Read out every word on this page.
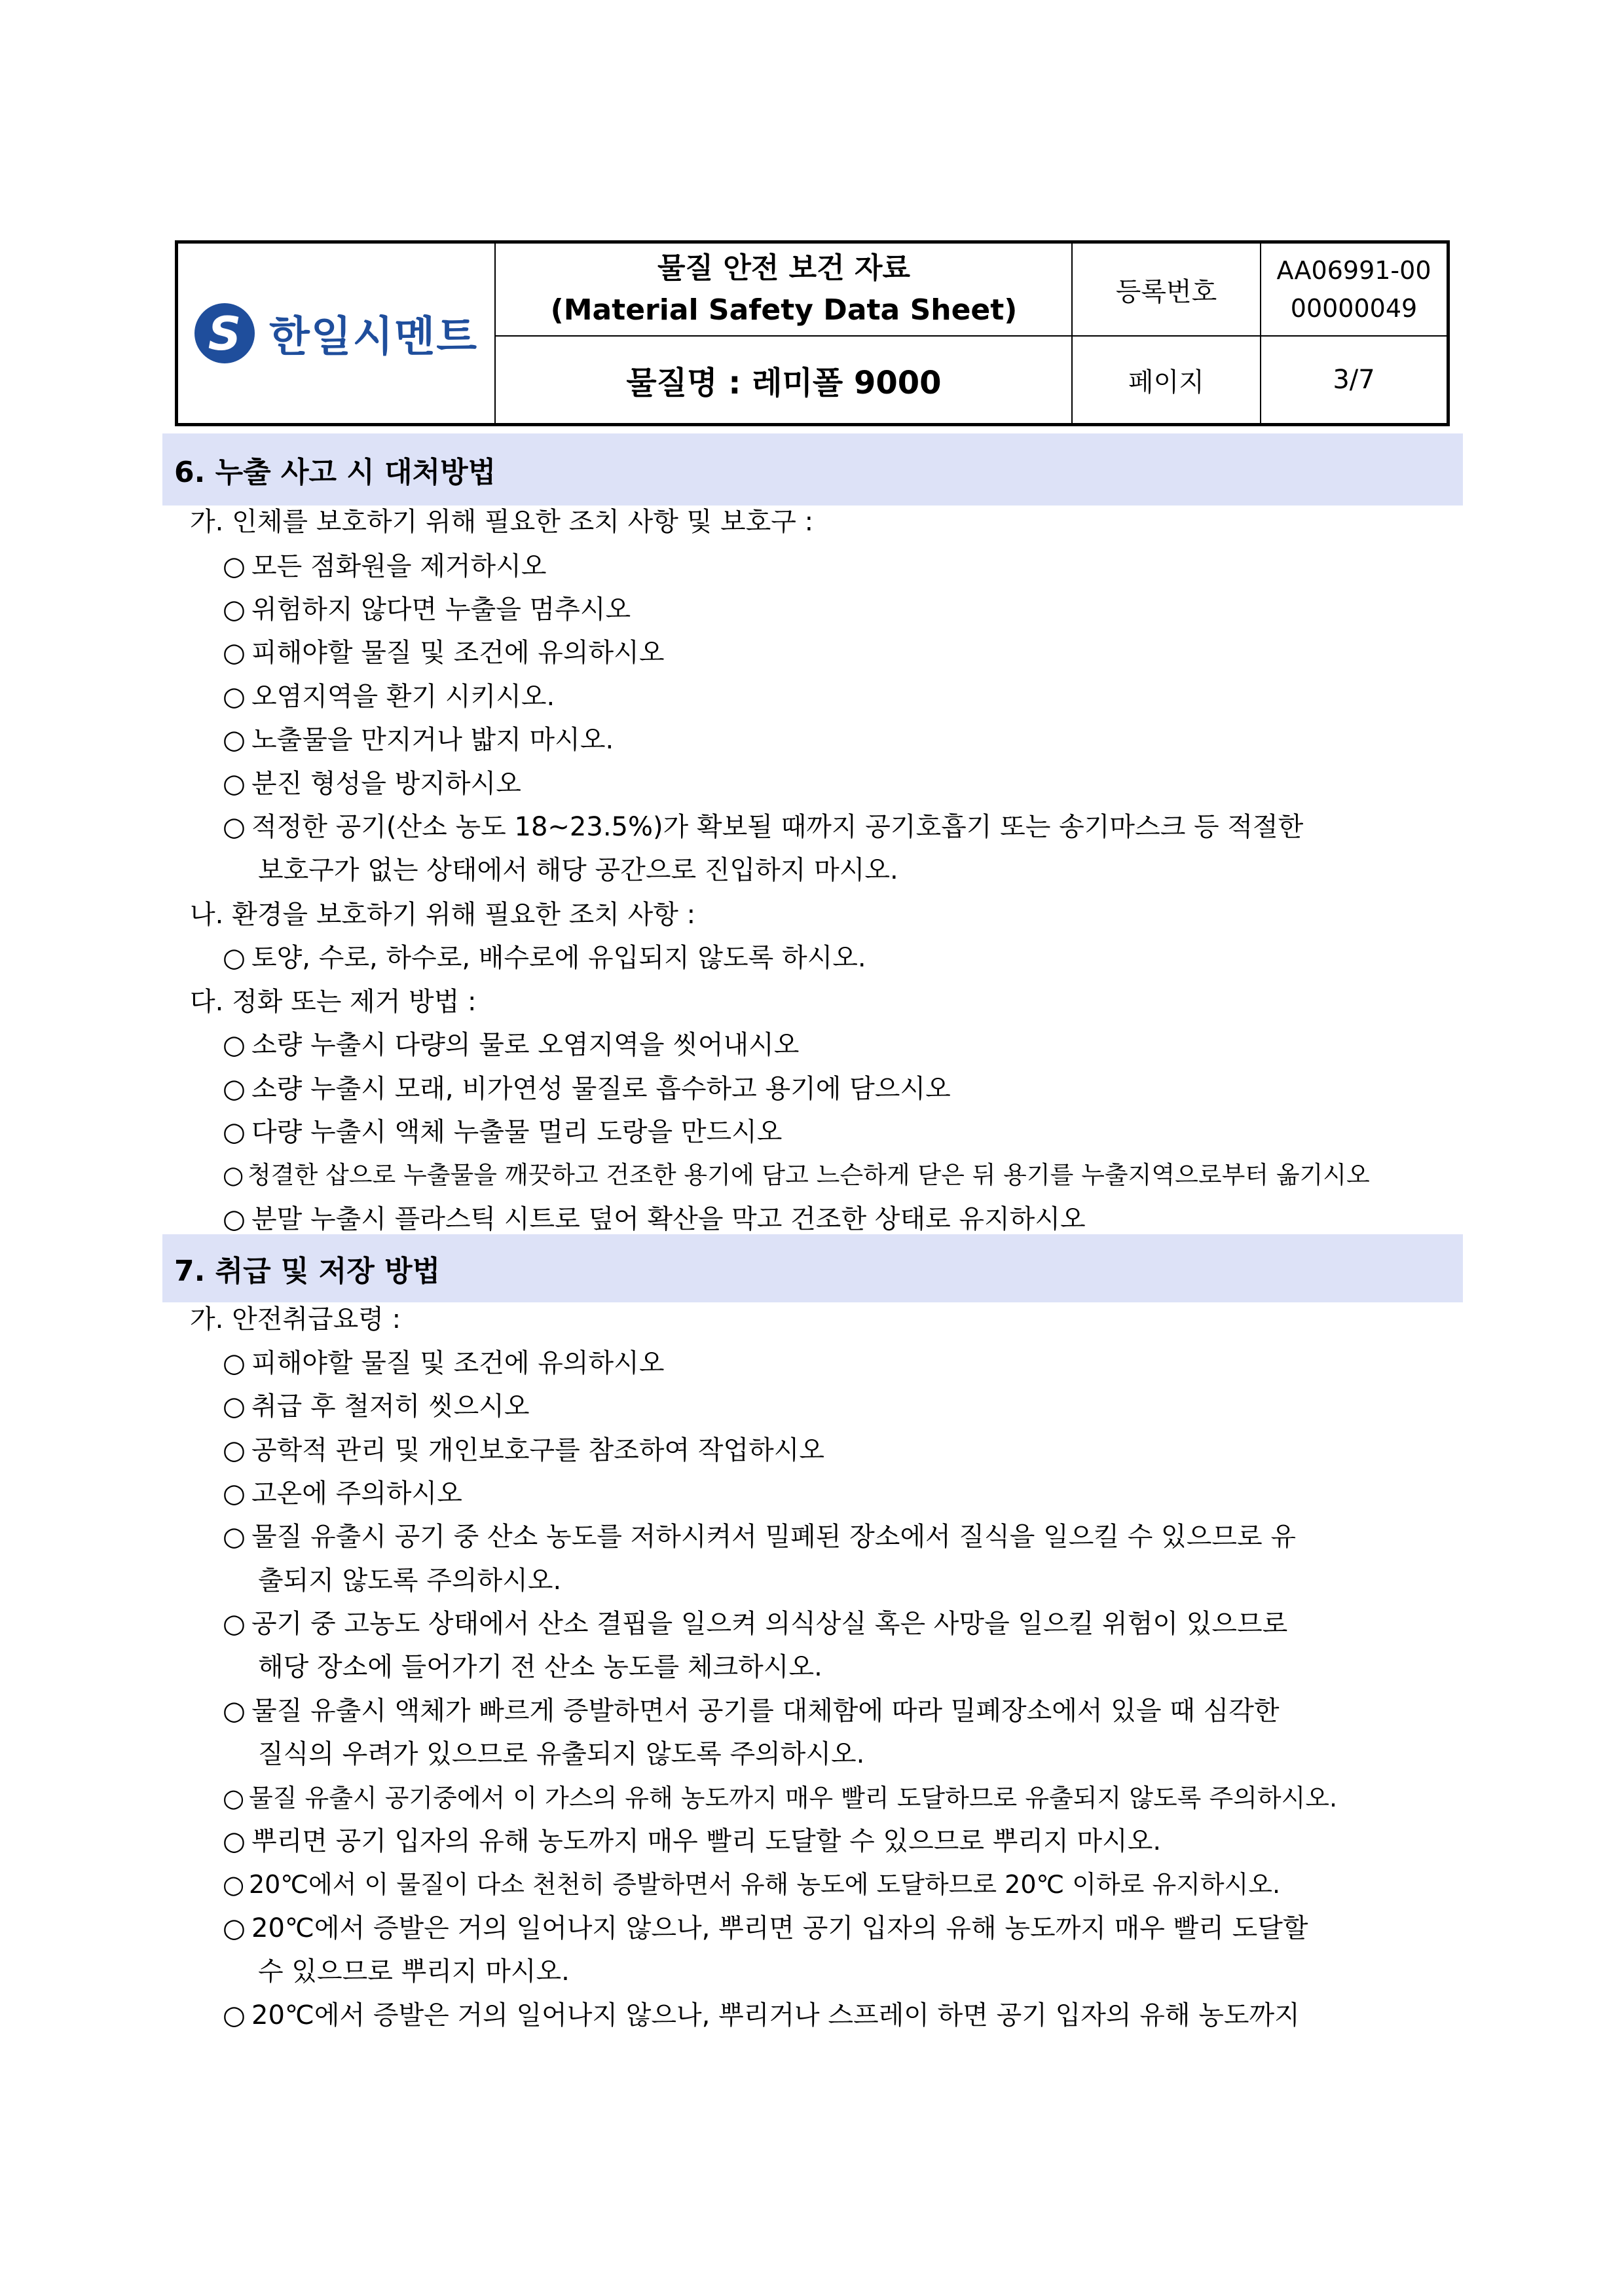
S
한일시멘트
물질 안전 보건 자료
(Material Safety Data Sheet)
물질명 : 레미폴 9000
등록번호
페이지
AA06991-00
00000049
3/7
6. 누출 사고 시 대처방법
가. 인체를 보호하기 위해 필요한 조치 사항 및 보호구 :
○ 모든 점화원을 제거하시오
○ 위험하지 않다면 누출을 멈추시오
○ 피해야할 물질 및 조건에 유의하시오
○ 오염지역을 환기 시키시오.
○ 노출물을 만지거나 밟지 마시오.
○ 분진 형성을 방지하시오
○ 적정한 공기(산소 농도 18~23.5%)가 확보될 때까지 공기호흡기 또는 송기마스크 등 적절한
보호구가 없는 상태에서 해당 공간으로 진입하지 마시오.
나. 환경을 보호하기 위해 필요한 조치 사항 :
○ 토양, 수로, 하수로, 배수로에 유입되지 않도록 하시오.
다. 정화 또는 제거 방법 :
○ 소량 누출시 다량의 물로 오염지역을 씻어내시오
○ 소량 누출시 모래, 비가연성 물질로 흡수하고 용기에 담으시오
○ 다량 누출시 액체 누출물 멀리 도랑을 만드시오
○ 청결한 삽으로 누출물을 깨끗하고 건조한 용기에 담고 느슨하게 닫은 뒤 용기를 누출지역으로부터 옮기시오
○ 분말 누출시 플라스틱 시트로 덮어 확산을 막고 건조한 상태로 유지하시오
7. 취급 및 저장 방법
가. 안전취급요령 :
○ 피해야할 물질 및 조건에 유의하시오
○ 취급 후 철저히 씻으시오
○ 공학적 관리 및 개인보호구를 참조하여 작업하시오
○ 고온에 주의하시오
○ 물질 유출시 공기 중 산소 농도를 저하시켜서 밀폐된 장소에서 질식을 일으킬 수 있으므로 유
출되지 않도록 주의하시오.
○ 공기 중 고농도 상태에서 산소 결핍을 일으켜 의식상실 혹은 사망을 일으킬 위험이 있으므로
해당 장소에 들어가기 전 산소 농도를 체크하시오.
○ 물질 유출시 액체가 빠르게 증발하면서 공기를 대체함에 따라 밀폐장소에서 있을 때 심각한
질식의 우려가 있으므로 유출되지 않도록 주의하시오.
○ 물질 유출시 공기중에서 이 가스의 유해 농도까지 매우 빨리 도달하므로 유출되지 않도록 주의하시오.
○ 뿌리면 공기 입자의 유해 농도까지 매우 빨리 도달할 수 있으므로 뿌리지 마시오.
○ 20℃에서 이 물질이 다소 천천히 증발하면서 유해 농도에 도달하므로 20℃ 이하로 유지하시오.
○ 20℃에서 증발은 거의 일어나지 않으나, 뿌리면 공기 입자의 유해 농도까지 매우 빨리 도달할
수 있으므로 뿌리지 마시오.
○ 20℃에서 증발은 거의 일어나지 않으나, 뿌리거나 스프레이 하면 공기 입자의 유해 농도까지
